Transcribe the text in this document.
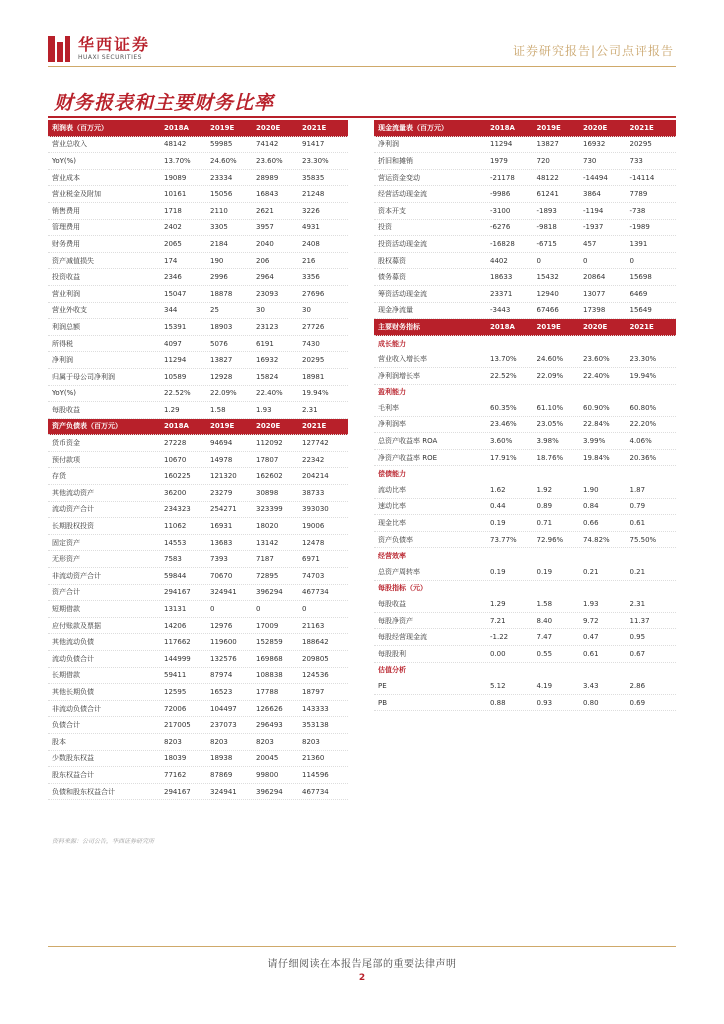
华西证券
HUAXI SECURITIES	证券研究报告|公司点评报告
财务报表和主要财务比率
利润表（百万元）	2018A	2019E	2020E	2021E
营业总收入	48142	59985	74142	91417
YoY(%)	13.70%	24.60%	23.60%	23.30%
营业成本	19089	23334	28989	35835
营业税金及附加	10161	15056	16843	21248
销售费用	1718	2110	2621	3226
管理费用	2402	3305	3957	4931
财务费用	2065	2184	2040	2408
资产减值损失	174	190	206	216
投资收益	2346	2996	2964	3356
营业利润	15047	18878	23093	27696
营业外收支	344	25	30	30
利润总额	15391	18903	23123	27726
所得税	4097	5076	6191	7430
净利润	11294	13827	16932	20295
归属于母公司净利润	10589	12928	15824	18981
YoY(%)	22.52%	22.09%	22.40%	19.94%
每股收益	1.29	1.58	1.93	2.31
资产负债表（百万元）	2018A	2019E	2020E	2021E
货币资金	27228	94694	112092	127742
预付款项	10670	14978	17807	22342
存货	160225	121320	162602	204214
其他流动资产	36200	23279	30898	38733
流动资产合计	234323	254271	323399	393030
长期股权投资	11062	16931	18020	19006
固定资产	14553	13683	13142	12478
无形资产	7583	7393	7187	6971
非流动资产合计	59844	70670	72895	74703
资产合计	294167	324941	396294	467734
短期借款	13131	0	0	0
应付账款及票据	14206	12976	17009	21163
其他流动负债	117662	119600	152859	188642
流动负债合计	144999	132576	169868	209805
长期借款	59411	87974	108838	124536
其他长期负债	12595	16523	17788	18797
非流动负债合计	72006	104497	126626	143333
负债合计	217005	237073	296493	353138
股本	8203	8203	8203	8203
少数股东权益	18039	18938	20045	21360
股东权益合计	77162	87869	99800	114596
负债和股东权益合计	294167	324941	396294	467734
现金流量表（百万元）	2018A	2019E	2020E	2021E
净利润	11294	13827	16932	20295
折旧和摊销	1979	720	730	733
营运资金变动	-21178	48122	-14494	-14114
经营活动现金流	-9986	61241	3864	7789
资本开支	-3100	-1893	-1194	-738
投资	-6276	-9818	-1937	-1989
投资活动现金流	-16828	-6715	457	1391
股权募资	4402	0	0	0
债务募资	18633	15432	20864	15698
筹资活动现金流	23371	12940	13077	6469
现金净流量	-3443	67466	17398	15649
主要财务指标	2018A	2019E	2020E	2021E
成长能力
营业收入增长率	13.70%	24.60%	23.60%	23.30%
净利润增长率	22.52%	22.09%	22.40%	19.94%
盈利能力
毛利率	60.35%	61.10%	60.90%	60.80%
净利润率	23.46%	23.05%	22.84%	22.20%
总资产收益率 ROA	3.60%	3.98%	3.99%	4.06%
净资产收益率 ROE	17.91%	18.76%	19.84%	20.36%
偿债能力
流动比率	1.62	1.92	1.90	1.87
速动比率	0.44	0.89	0.84	0.79
现金比率	0.19	0.71	0.66	0.61
资产负债率	73.77%	72.96%	74.82%	75.50%
经营效率
总资产周转率	0.19	0.19	0.21	0.21
每股指标（元）
每股收益	1.29	1.58	1.93	2.31
每股净资产	7.21	8.40	9.72	11.37
每股经营现金流	-1.22	7.47	0.47	0.95
每股股利	0.00	0.55	0.61	0.67
估值分析
PE	5.12	4.19	3.43	2.86
PB	0.88	0.93	0.80	0.69
资料来源：公司公告，华西证券研究所
请仔细阅读在本报告尾部的重要法律声明
2
